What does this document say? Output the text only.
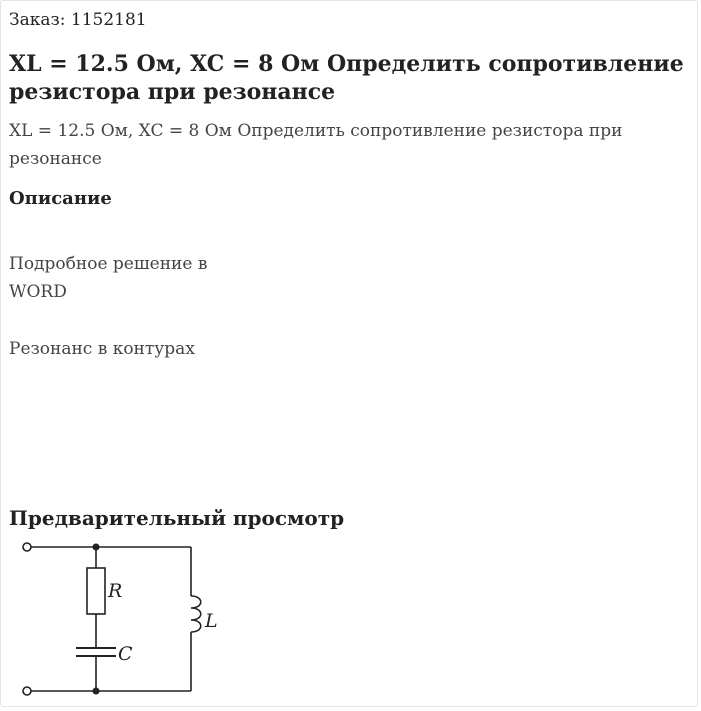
Заказ: 1152181
XL = 12.5 Ом, XC = 8 Ом Определить сопротивление резистора при резонансе
XL = 12.5 Ом, XC = 8 Ом Определить сопротивление резистора при резонансе
Описание
Подробное решение в
WORD
Резонанс в контурах
Предварительный просмотр
R
C
L
